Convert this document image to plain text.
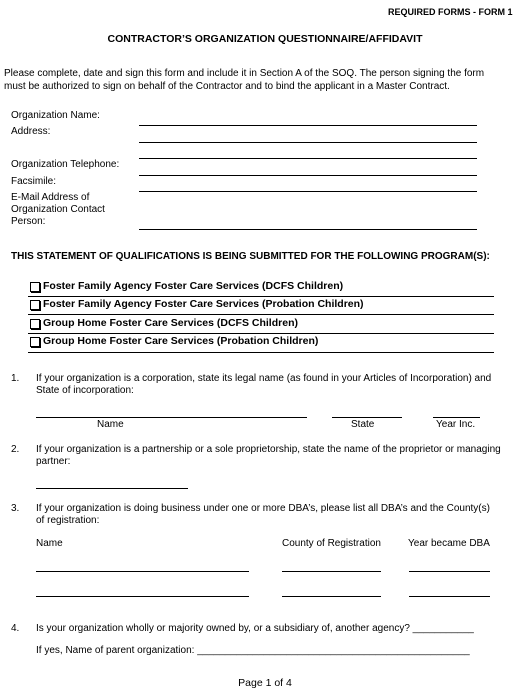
REQUIRED FORMS - FORM 1
CONTRACTOR’S ORGANIZATION QUESTIONNAIRE/AFFIDAVIT
Please complete, date and sign this form and include it in Section A of the SOQ. The person signing the form
must be authorized to sign on behalf of the Contractor and to bind the applicant in a Master Contract.
Organization Name:
Address:
Organization Telephone:
Facsimile:
E-Mail Address of
Organization Contact
Person:
THIS STATEMENT OF QUALIFICATIONS IS BEING SUBMITTED FOR THE FOLLOWING PROGRAM(S):
Foster Family Agency Foster Care Services (DCFS Children)
Foster Family Agency Foster Care Services (Probation Children)
Group Home Foster Care Services (DCFS Children)
Group Home Foster Care Services (Probation Children)
1. If your organization is a corporation, state its legal name (as found in your Articles of Incorporation) and
State of incorporation:
Name	State	Year Inc.
2. If your organization is a partnership or a sole proprietorship, state the name of the proprietor or managing
partner:
3. If your organization is doing business under one or more DBA’s, please list all DBA’s and the County(s)
of registration:
Name	County of Registration	Year became DBA
4. Is your organization wholly or majority owned by, or a subsidiary of, another agency? ___________
If yes, Name of parent organization: _________________________________________________
Page 1 of 4
